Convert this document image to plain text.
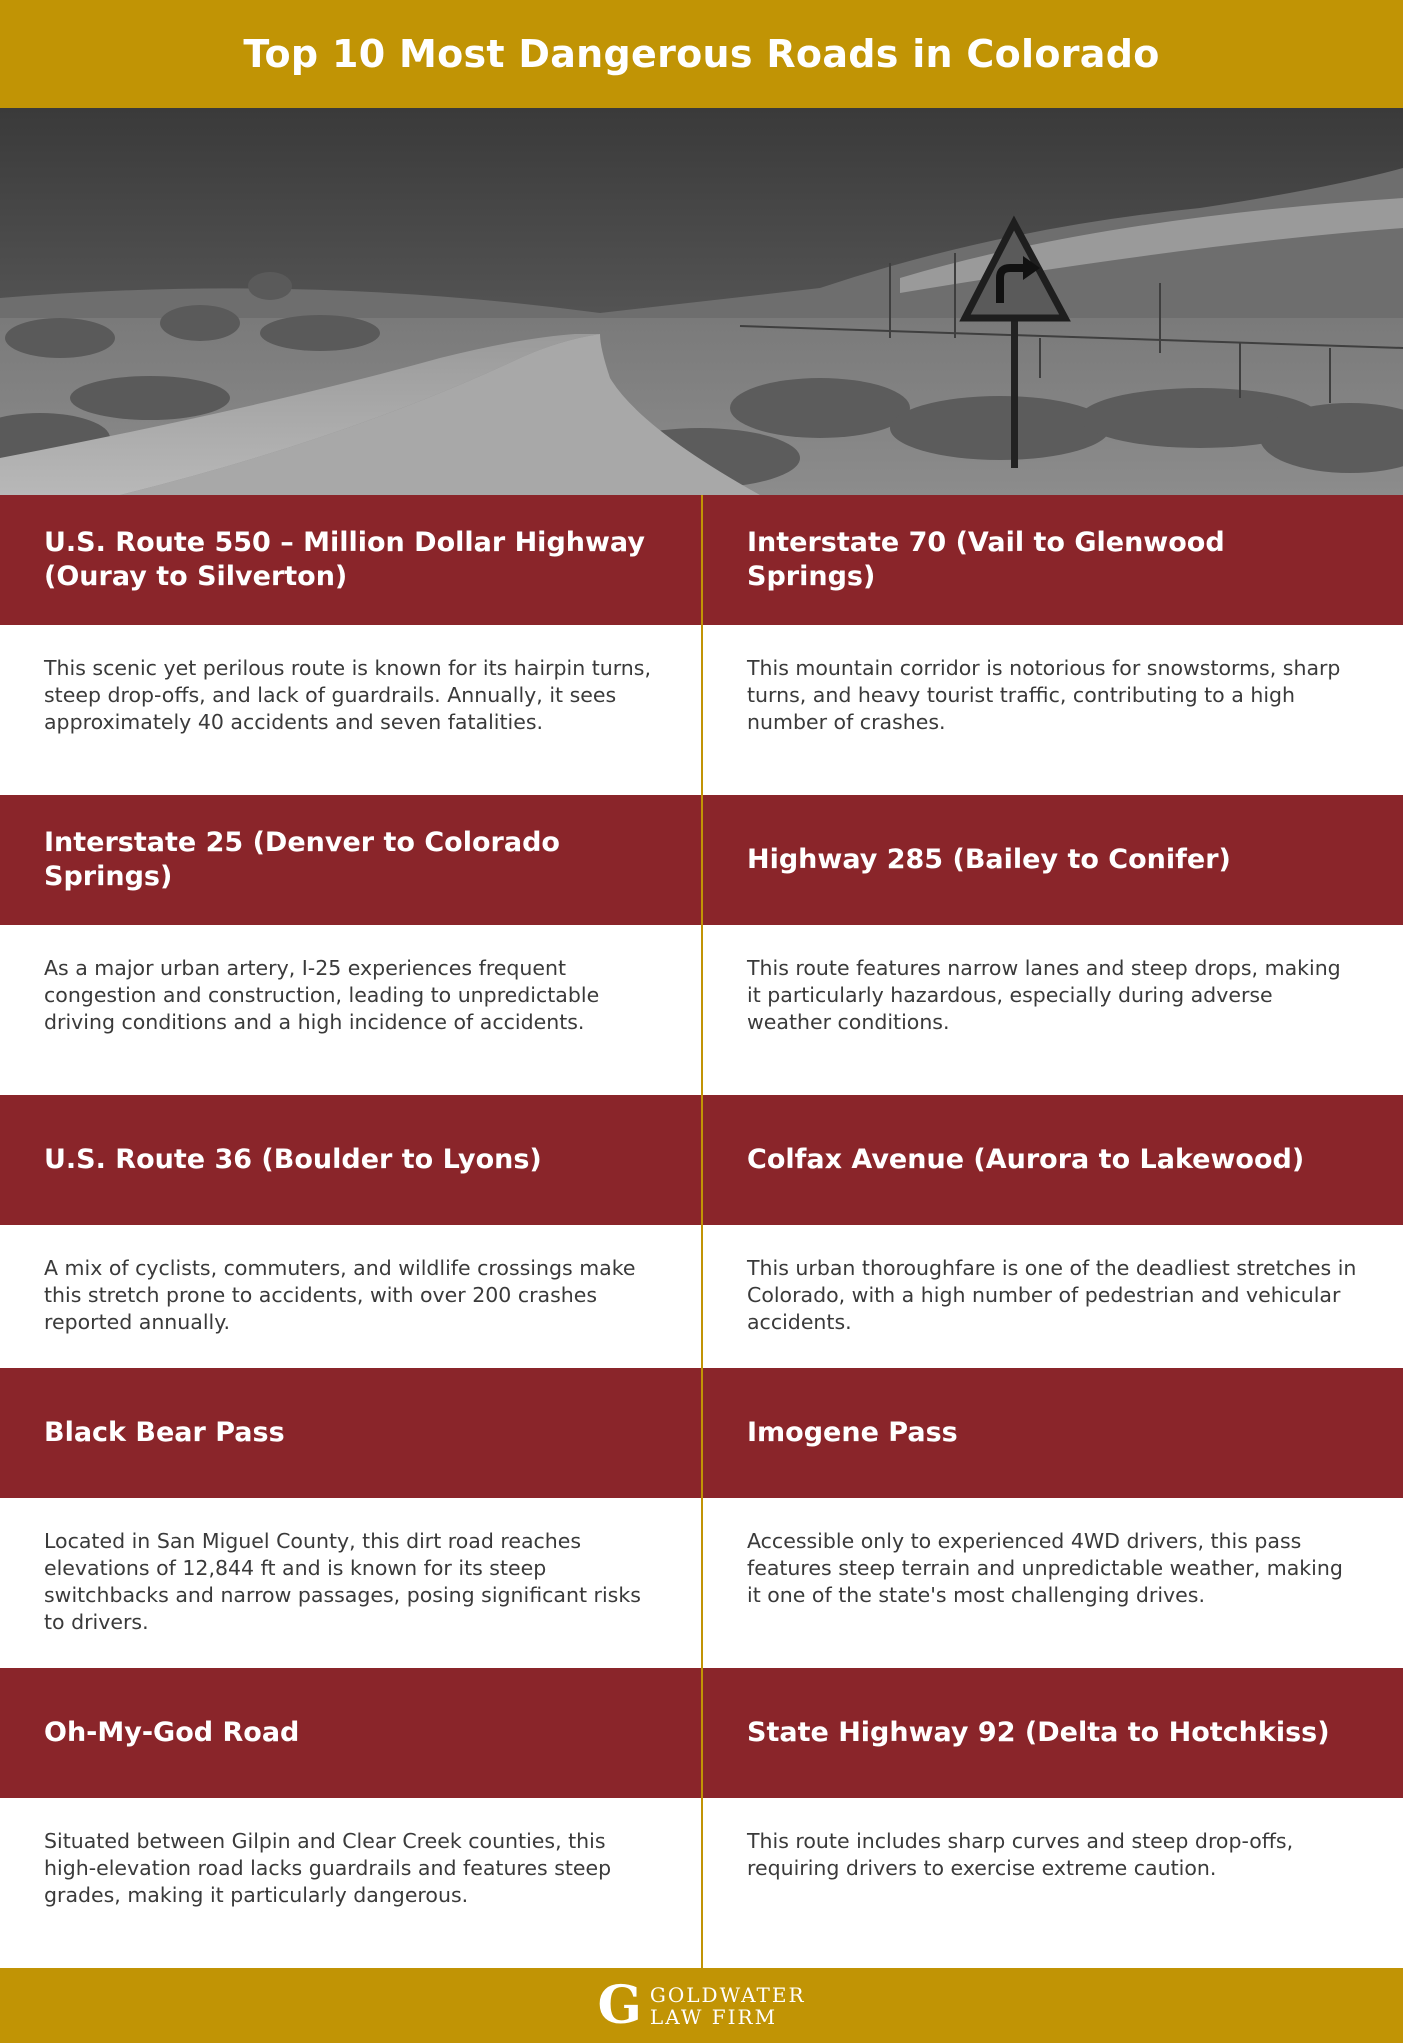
Top 10 Most Dangerous Roads in Colorado
U.S. Route 550 – Million Dollar Highway (Ouray to Silverton)

This scenic yet perilous route is known for its hairpin turns, steep drop-offs, and lack of guardrails. Annually, it sees approximately 40 accidents and seven fatalities.

Interstate 70 (Vail to Glenwood Springs)

This mountain corridor is notorious for snowstorms, sharp turns, and heavy tourist traffic, contributing to a high number of crashes.

Interstate 25 (Denver to Colorado Springs)

As a major urban artery, I-25 experiences frequent congestion and construction, leading to unpredictable driving conditions and a high incidence of accidents.

Highway 285 (Bailey to Conifer)

This route features narrow lanes and steep drops, making it particularly hazardous, especially during adverse weather conditions.

U.S. Route 36 (Boulder to Lyons)

A mix of cyclists, commuters, and wildlife crossings make this stretch prone to accidents, with over 200 crashes reported annually.

Colfax Avenue (Aurora to Lakewood)

This urban thoroughfare is one of the deadliest stretches in Colorado, with a high number of pedestrian and vehicular accidents.

Black Bear Pass

Located in San Miguel County, this dirt road reaches elevations of 12,844 ft and is known for its steep switchbacks and narrow passages, posing significant risks to drivers.

Imogene Pass

Accessible only to experienced 4WD drivers, this pass features steep terrain and unpredictable weather, making it one of the state's most challenging drives.

Oh-My-God Road

Situated between Gilpin and Clear Creek counties, this high-elevation road lacks guardrails and features steep grades, making it particularly dangerous.

State Highway 92 (Delta to Hotchkiss)

This route includes sharp curves and steep drop-offs, requiring drivers to exercise extreme caution.

G GOLDWATER
LAW FIRM
